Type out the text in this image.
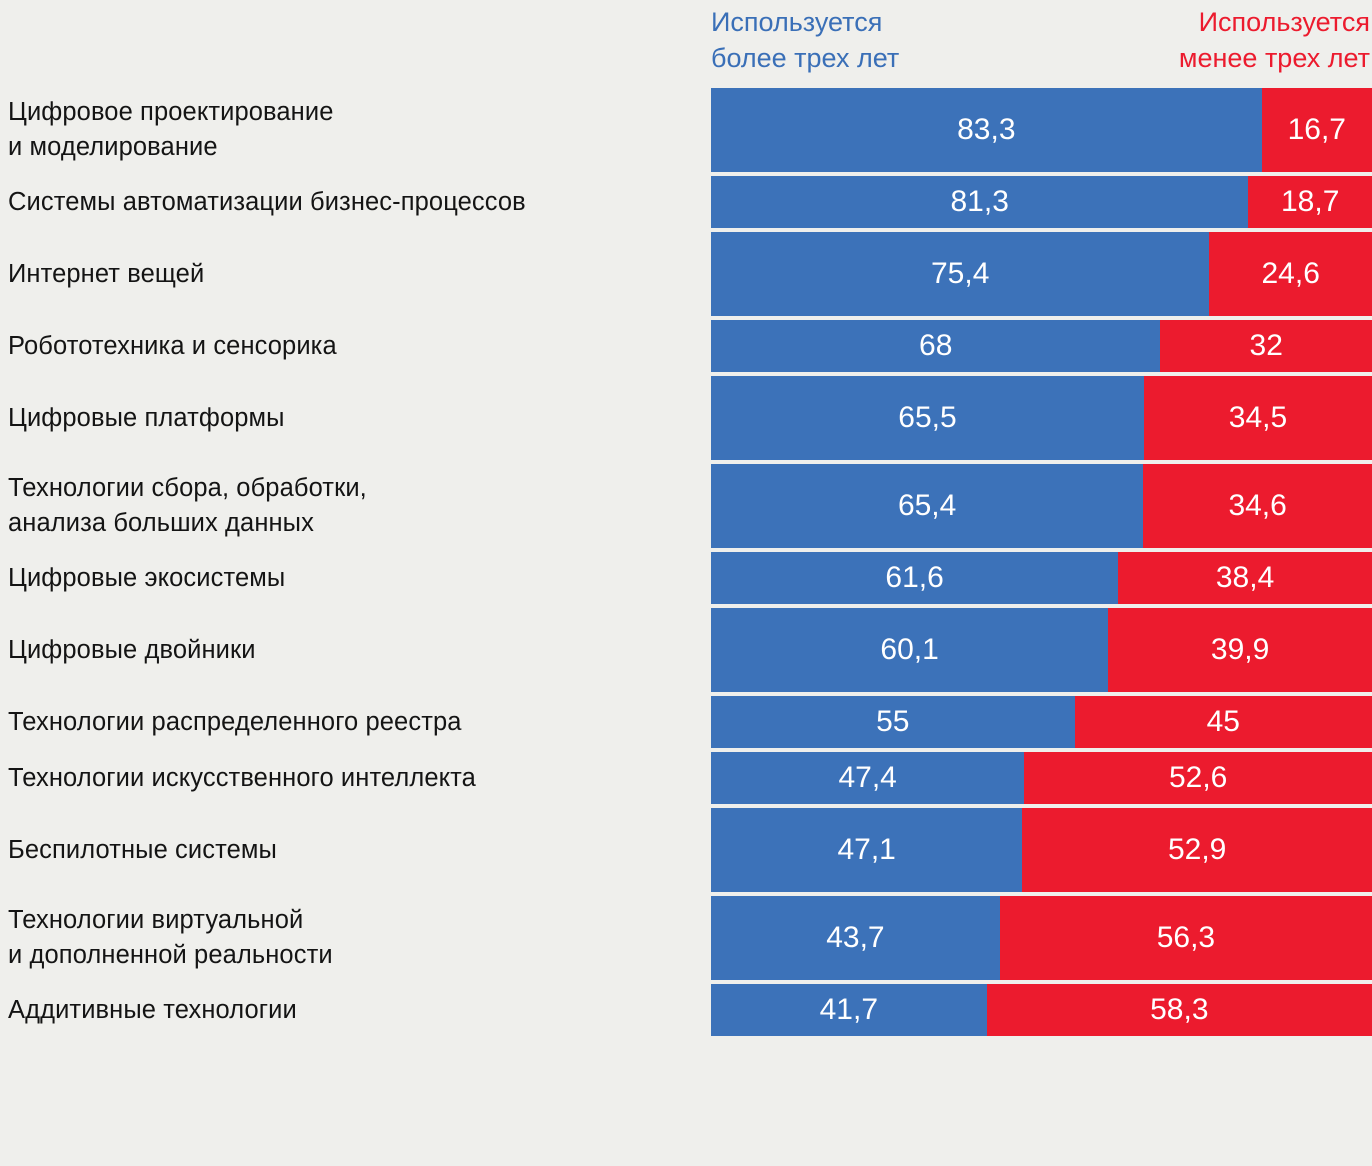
Используется
более трех лет
Используется
менее трех лет
Цифровое проектирование
и моделирование
83,3	16,7
Системы автоматизации бизнес-процессов	81,3	18,7
Интернет вещей	75,4	24,6
Робототехника и сенсорика	68	32
Цифровые платформы	65,5	34,5
Технологии сбора, обработки,
анализа больших данных
65,4	34,6
Цифровые экосистемы	61,6	38,4
Цифровые двойники	60,1	39,9
Технологии распределенного реестра	55	45
Технологии искусственного интеллекта	47,4	52,6
Беспилотные системы	47,1	52,9
Технологии виртуальной
и дополненной реальности
43,7	56,3
Аддитивные технологии	41,7	58,3
